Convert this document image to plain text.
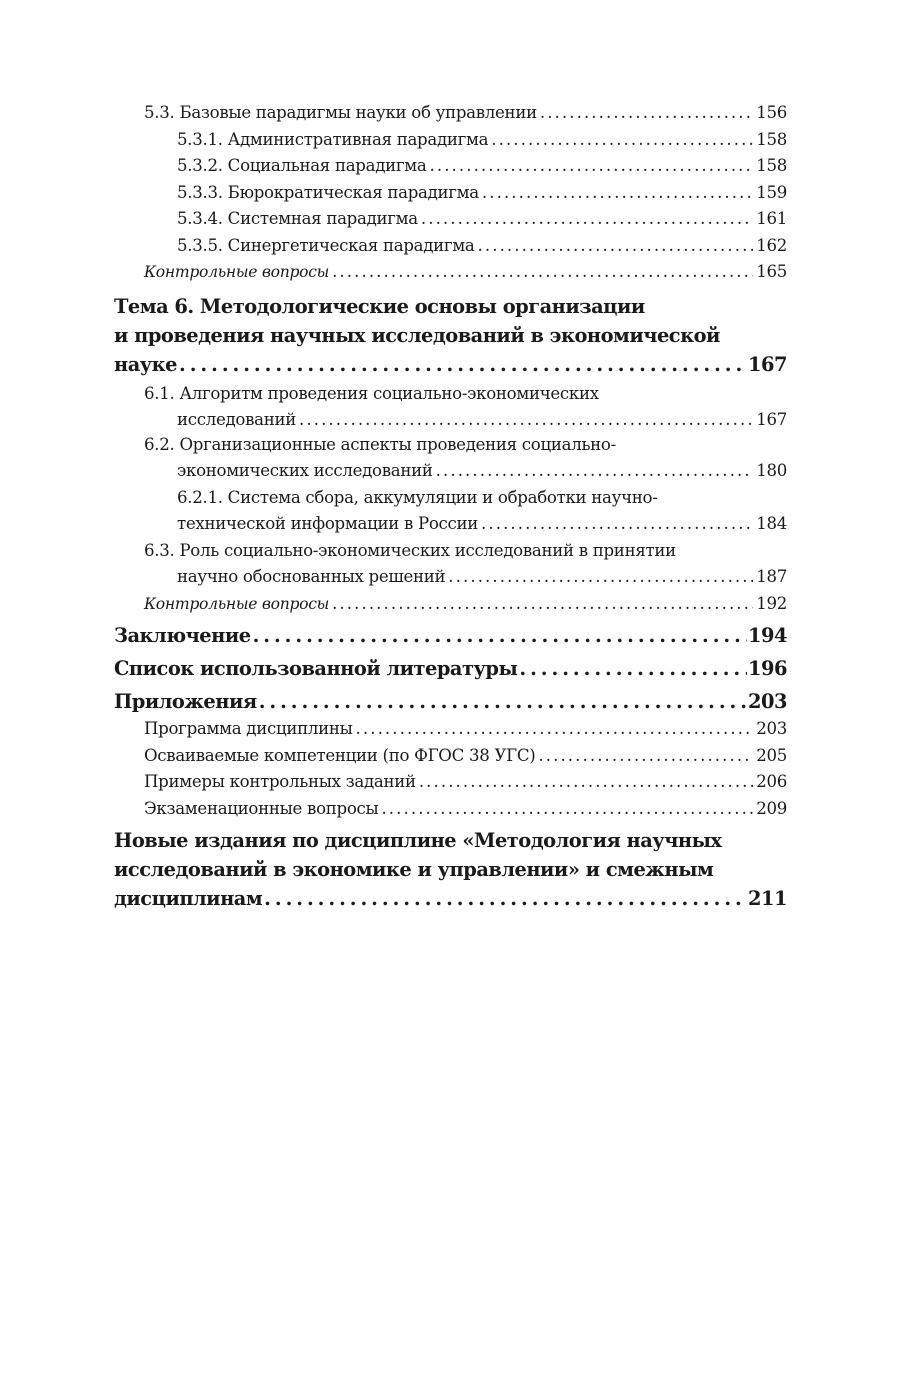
5.3. Базовые парадигмы науки об управлении . . .	156
5.3.1. Административная парадигма . . .	158
5.3.2. Социальная парадигма . . .	158
5.3.3. Бюрократическая парадигма . . .	159
5.3.4. Системная парадигма . . .	161
5.3.5. Синергетическая парадигма . . .	162
Контрольные вопросы . . .	165
Тема 6. Методологические основы организации
и проведения научных исследований в экономической
науке . . .	167
6.1. Алгоритм проведения социально-экономических
исследований . . .	167
6.2. Организационные аспекты проведения социально-
экономических исследований . . .	180
6.2.1. Система сбора, аккумуляции и обработки научно-
технической информации в России . . .	184
6.3. Роль социально-экономических исследований в принятии
научно обоснованных решений . . .	187
Контрольные вопросы . . .	192
Заключение . . .	194
Список использованной литературы . . .	196
Приложения . . .	203
Программа дисциплины . . .	203
Осваиваемые компетенции (по ФГОС 38 УГС) . . .	205
Примеры контрольных заданий . . .	206
Экзаменационные вопросы . . .	209
Новые издания по дисциплине «Методология научных
исследований в экономике и управлении» и смежным
дисциплинам . . .	211
